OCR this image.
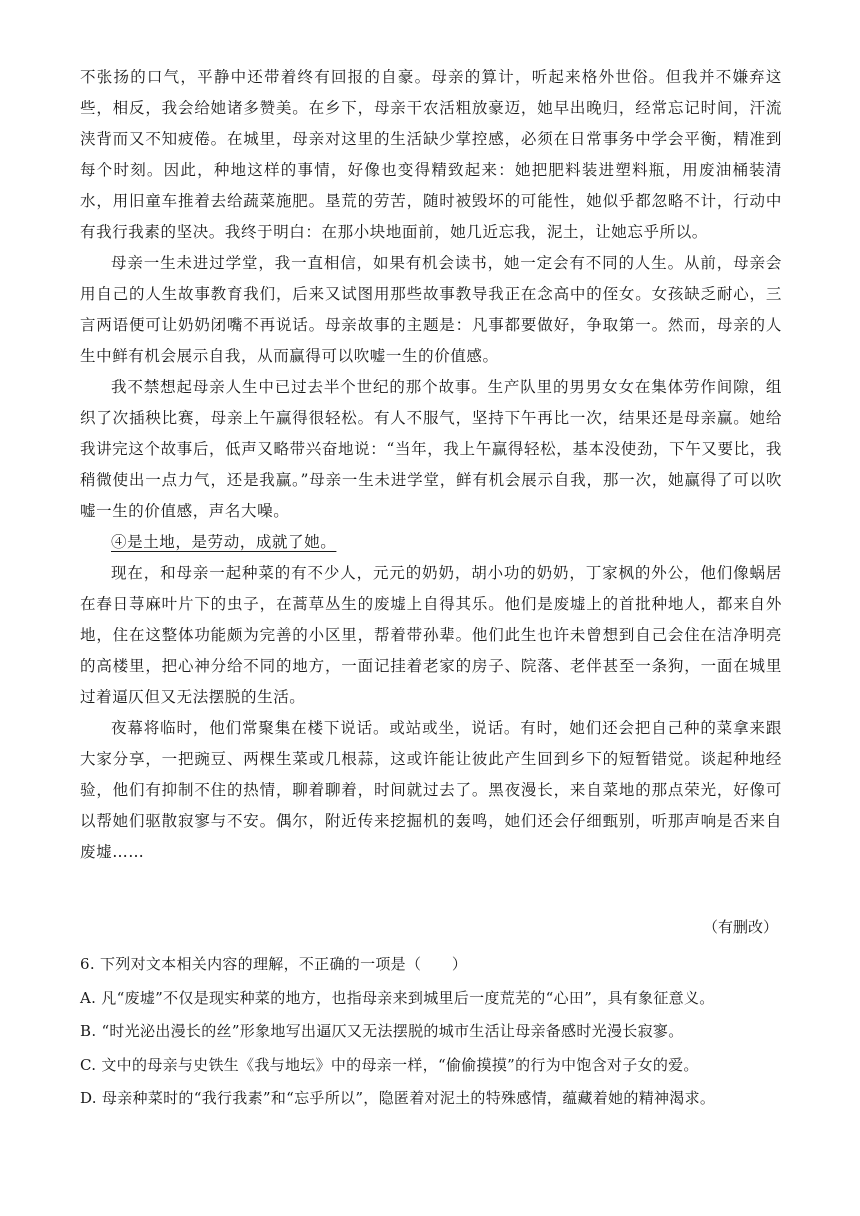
不张扬的口气，平静中还带着终有回报的自豪。母亲的算计，听起来格外世俗。但我并不嫌弃这些，相反，我会给她诸多赞美。在乡下，母亲干农活粗放豪迈，她早出晚归，经常忘记时间，汗流浃背而又不知疲倦。在城里，母亲对这里的生活缺少掌控感，必须在日常事务中学会平衡，精准到每个时刻。因此，种地这样的事情，好像也变得精致起来：她把肥料装进塑料瓶，用废油桶装清水，用旧童车推着去给蔬菜施肥。垦荒的劳苦，随时被毁坏的可能性，她似乎都忽略不计，行动中有我行我素的坚决。我终于明白：在那小块地面前，她几近忘我，泥土，让她忘乎所以。

母亲一生未进过学堂，我一直相信，如果有机会读书，她一定会有不同的人生。从前，母亲会用自己的人生故事教育我们，后来又试图用那些故事教导我正在念高中的侄女。女孩缺乏耐心，三言两语便可让奶奶闭嘴不再说话。母亲故事的主题是：凡事都要做好，争取第一。然而，母亲的人生中鲜有机会展示自我，从而赢得可以吹嘘一生的价值感。

我不禁想起母亲人生中已过去半个世纪的那个故事。生产队里的男男女女在集体劳作间隙，组织了次插秧比赛，母亲上午赢得很轻松。有人不服气，坚持下午再比一次，结果还是母亲赢。她给我讲完这个故事后，低声又略带兴奋地说：“当年，我上午赢得轻松，基本没使劲，下午又要比，我稍微使出一点力气，还是我赢。”母亲一生未进学堂，鲜有机会展示自我，那一次，她赢得了可以吹嘘一生的价值感，声名大噪。

④是土地，是劳动，成就了她。

现在，和母亲一起种菜的有不少人，元元的奶奶，胡小功的奶奶，丁家枫的外公，他们像蜗居在春日荨麻叶片下的虫子，在蒿草丛生的废墟上自得其乐。他们是废墟上的首批种地人，都来自外地，住在这整体功能颇为完善的小区里，帮着带孙辈。他们此生也许未曾想到自己会住在洁净明亮的高楼里，把心神分给不同的地方，一面记挂着老家的房子、院落、老伴甚至一条狗，一面在城里过着逼仄但又无法摆脱的生活。

夜幕将临时，他们常聚集在楼下说话。或站或坐，说话。有时，她们还会把自己种的菜拿来跟大家分享，一把豌豆、两棵生菜或几根蒜，这或许能让彼此产生回到乡下的短暂错觉。谈起种地经验，他们有抑制不住的热情，聊着聊着，时间就过去了。黑夜漫长，来自菜地的那点荣光，好像可以帮她们驱散寂寥与不安。偶尔，附近传来挖掘机的轰鸣，她们还会仔细甄别，听那声响是否来自废墟……

（有删改）

6. 下列对文本相关内容的理解，不正确的一项是（　　）

A. 凡“废墟”不仅是现实种菜的地方，也指母亲来到城里后一度荒芜的“心田”，具有象征意义。

B. “时光泌出漫长的丝”形象地写出逼仄又无法摆脱的城市生活让母亲备感时光漫长寂寥。

C. 文中的母亲与史铁生《我与地坛》中的母亲一样，“偷偷摸摸”的行为中饱含对子女的爱。

D. 母亲种菜时的“我行我素”和“忘乎所以”，隐匿着对泥土的特殊感情，蕴藏着她的精神渴求。
